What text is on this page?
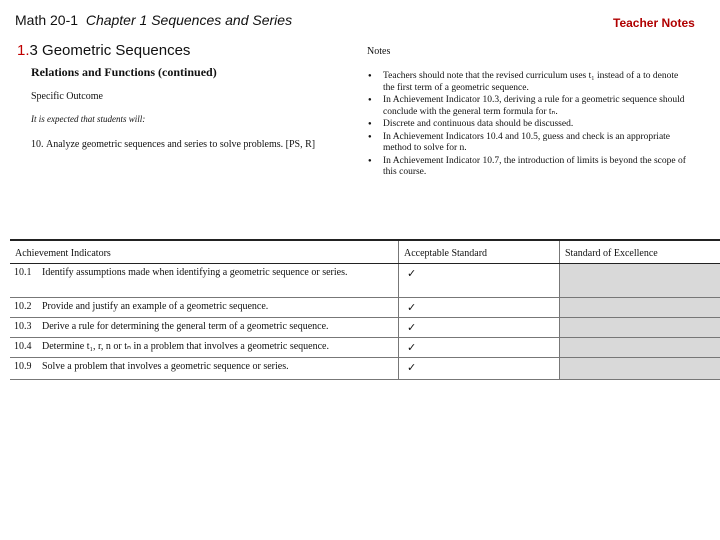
Math 20-1 Chapter 1 Sequences and Series	Teacher Notes
1.3 Geometric Sequences
Relations and Functions (continued)
Specific Outcome
It is expected that students will:
10. Analyze geometric sequences and series to solve problems. [PS, R]
Notes
● Teachers should note that the revised curriculum uses t₁ instead of a to denote the first term of a geometric sequence.
● In Achievement Indicator 10.3, deriving a rule for a geometric sequence should conclude with the general term formula for tₙ.
● Discrete and continuous data should be discussed.
● In Achievement Indicators 10.4 and 10.5, guess and check is an appropriate method to solve for n.
● In Achievement Indicator 10.7, the introduction of limits is beyond the scope of this course.
Achievement Indicators	Acceptable Standard	Standard of Excellence

10.1 Identify assumptions made when identifying a geometric sequence or series.	✓	

10.2 Provide and justify an example of a geometric sequence.	✓	

10.3 Derive a rule for determining the general term of a geometric sequence.	✓	

10.4 Determine t₁, r, n or tₙ in a problem that involves a geometric sequence.	✓	

10.9 Solve a problem that involves a geometric sequence or series.	✓	
